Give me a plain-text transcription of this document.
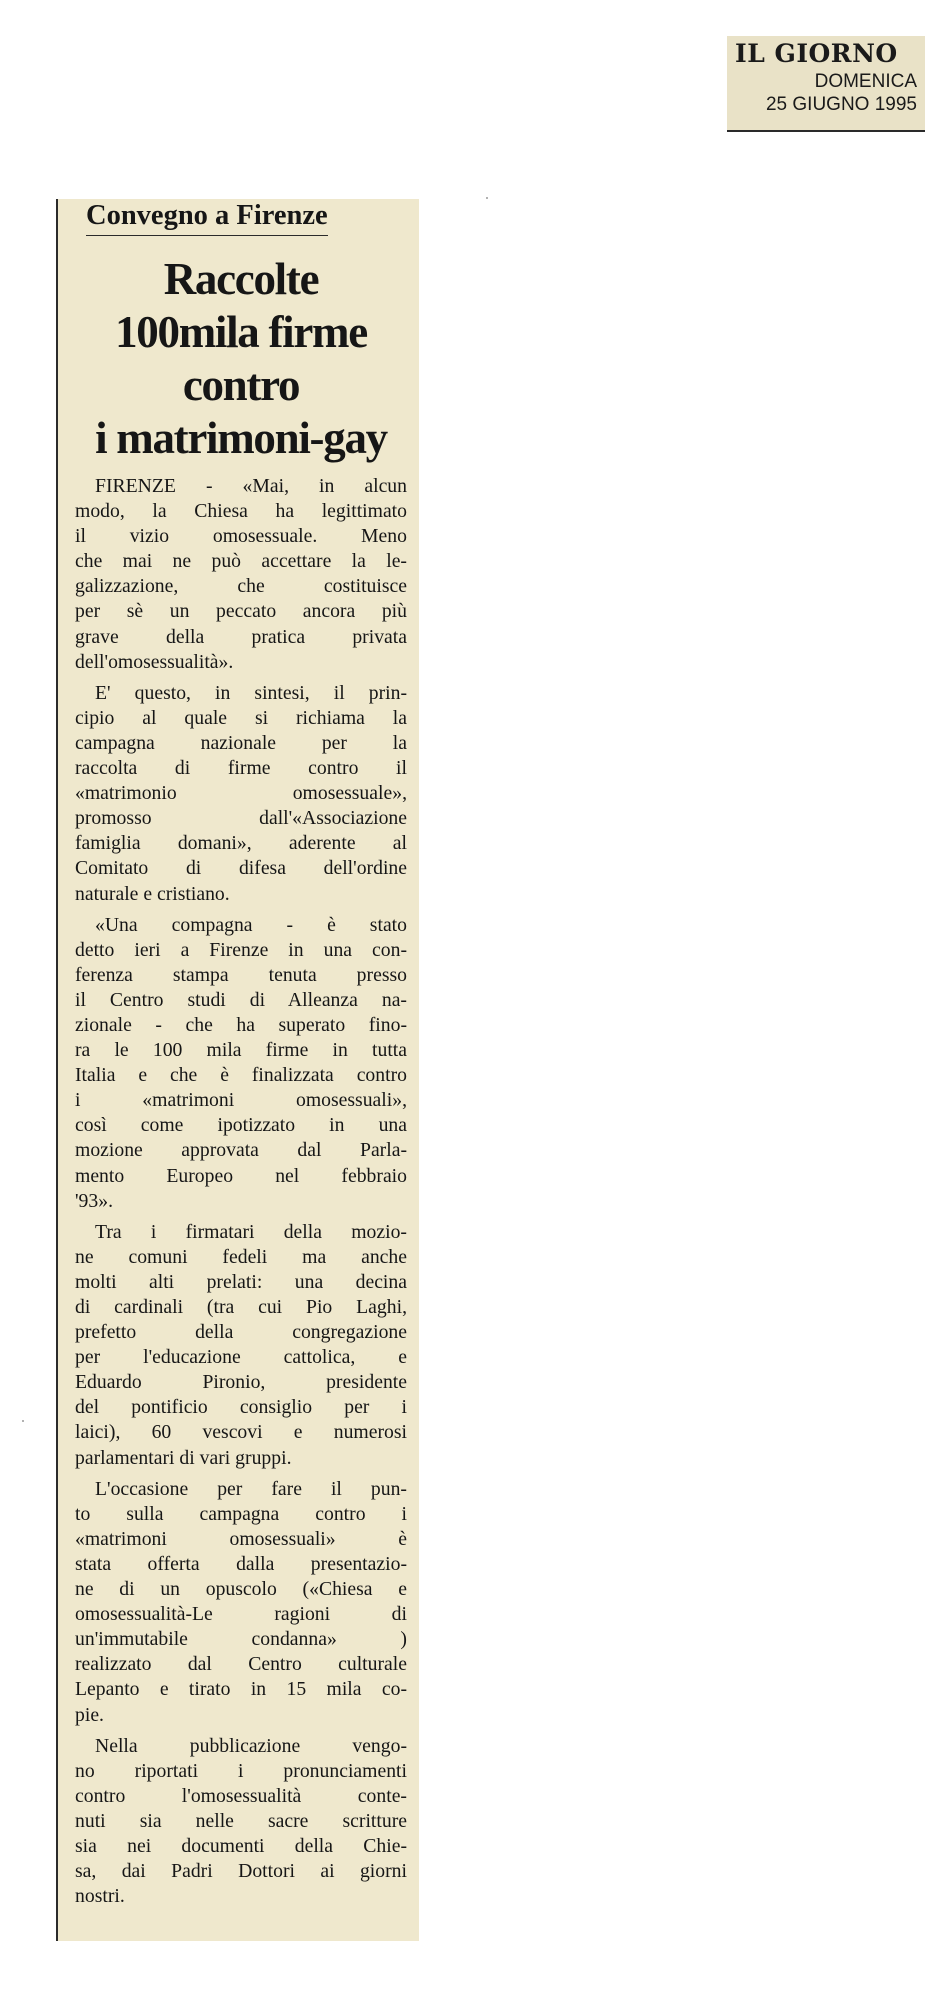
IL GIORNO
DOMENICA
25 GIUGNO 1995
Convegno a Firenze
Raccolte
100mila firme
contro
i matrimoni-gay

FIRENZE - «Mai, in alcun
modo, la Chiesa ha legittimato
il vizio omosessuale. Meno
che mai ne può accettare la le-
galizzazione, che costituisce
per sè un peccato ancora più
grave della pratica privata
dell'omosessualità».

E' questo, in sintesi, il prin-
cipio al quale si richiama la
campagna nazionale per la
raccolta di firme contro il
«matrimonio omosessuale»,
promosso dall'«Associazione
famiglia domani», aderente al
Comitato di difesa dell'ordine
naturale e cristiano.

«Una compagna - è stato
detto ieri a Firenze in una con-
ferenza stampa tenuta presso
il Centro studi di Alleanza na-
zionale - che ha superato fino-
ra le 100 mila firme in tutta
Italia e che è finalizzata contro
i «matrimoni omosessuali»,
così come ipotizzato in una
mozione approvata dal Parla-
mento Europeo nel febbraio
'93».

Tra i firmatari della mozio-
ne comuni fedeli ma anche
molti alti prelati: una decina
di cardinali (tra cui Pio Laghi,
prefetto della congregazione
per l'educazione cattolica, e
Eduardo Pironio, presidente
del pontificio consiglio per i
laici), 60 vescovi e numerosi
parlamentari di vari gruppi.

L'occasione per fare il pun-
to sulla campagna contro i
«matrimoni omosessuali» è
stata offerta dalla presentazio-
ne di un opuscolo («Chiesa e
omosessualità-Le ragioni di
un'immutabile condanna» )
realizzato dal Centro culturale
Lepanto e tirato in 15 mila co-
pie.

Nella pubblicazione vengo-
no riportati i pronunciamenti
contro l'omosessualità conte-
nuti sia nelle sacre scritture
sia nei documenti della Chie-
sa, dai Padri Dottori ai giorni
nostri.
